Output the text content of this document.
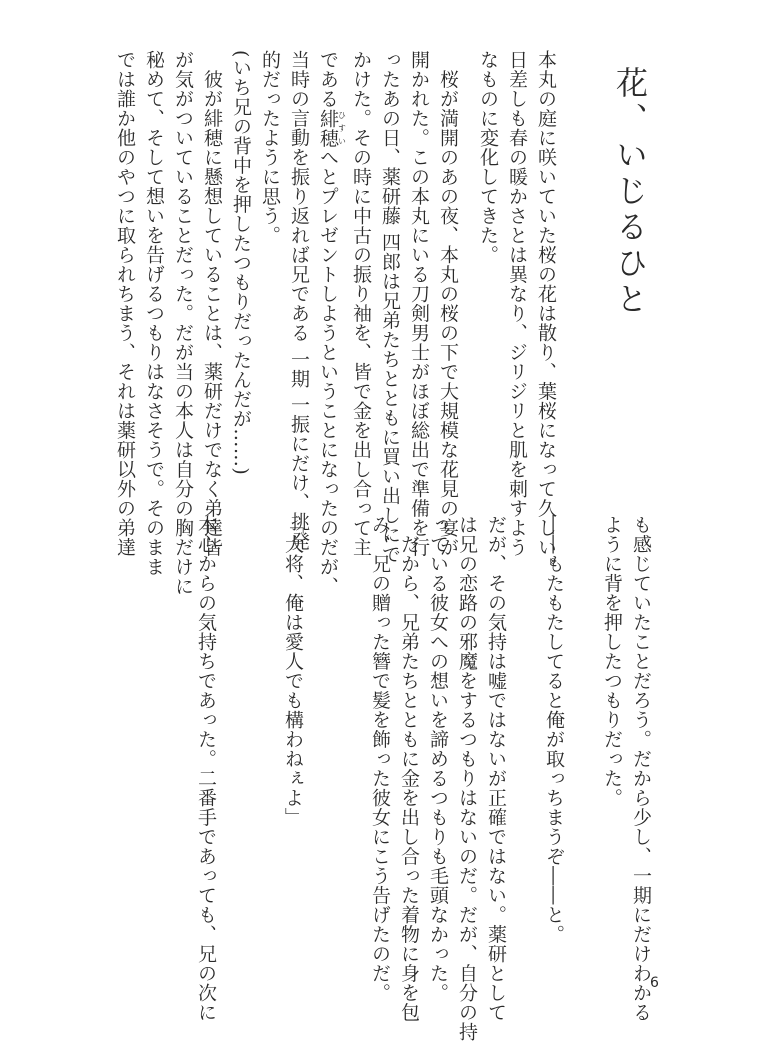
花、いじるひと
本丸の庭に咲いていた桜の花は散り、葉桜になって久しい。
日差しも春の暖かさとは異なり、ジリジリと肌を刺すよう
なものに変化してきた。
　桜が満開のあの夜、本丸の桜の下で大規模な花見の宴が
開かれた。この本丸にいる刀剣男士がほぼ総出で準備を行
ったあの日、薬研藤 四郎は兄弟たちとともに買い出しにで
かけた。その時に中古の振り袖を、皆で金を出し合って主
である緋穂ひすいへとプレゼントしようということになったのだが、
当時の言動を振り返れば兄である 一期 一振にだけ、挑発
的だったように思う。
(いち兄の背中を押したつもりだったんだが……)
　彼が緋穂に懸想していることは、薬研だけでなく弟達皆
が気がついていることだった。だが当の本人は自分の胸だけに
秘めて、そして想いを告げるつもりはなさそうで。そのまま
では誰か他のやつに取られちまう、それは薬研以外の弟達
も感じていたことだろう。だから少し、一期にだけわかる
ように背を押したつもりだった。
――もたもたしてると俺が取っちまうぞ――と。
だが、その気持は嘘ではないが正確ではない。薬研として
は兄の恋路の邪魔をするつもりはないのだ。だが、自分の持
っている彼女への想いを諦めるつもりも毛頭なかった。
　だから、兄弟たちとともに金を出し合った着物に身を包
み、兄の贈った簪で髪を飾った彼女にこう告げたのだ。
「大将、俺は愛人でも構わねぇよ」
本心からの気持ちであった。二番手であっても、兄の次に	6
